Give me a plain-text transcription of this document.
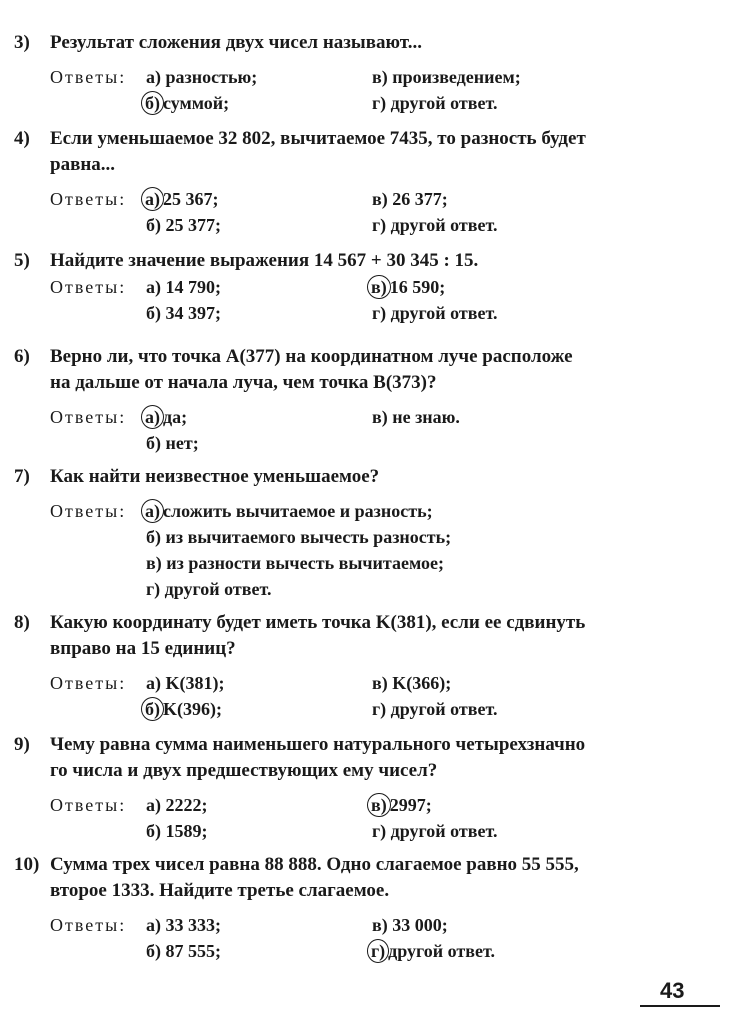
3) Результат сложения двух чисел называют...
Ответы: а) разностью;	в) произведением;
б) суммой;	г) другой ответ.
4) Если уменьшаемое 32 802, вычитаемое 7435, то разность будет
равна...
Ответы: а) 25 367;	в) 26 377;
б) 25 377;	г) другой ответ.
5) Найдите значение выражения 14 567 + 30 345 : 15.
Ответы: а) 14 790;	в) 16 590;
б) 34 397;	г) другой ответ.
6) Верно ли, что точка A(377) на координатном луче расположе
на дальше от начала луча, чем точка B(373)?
Ответы: а) да;	в) не знаю.
б) нет;
7) Как найти неизвестное уменьшаемое?
Ответы: а) сложить вычитаемое и разность;
б) из вычитаемого вычесть разность;
в) из разности вычесть вычитаемое;
г) другой ответ.
8) Какую координату будет иметь точка K(381), если ее сдвинуть
вправо на 15 единиц?
Ответы: а) K(381);	в) K(366);
б) K(396);	г) другой ответ.
9) Чему равна сумма наименьшего натурального четырехзначно
го числа и двух предшествующих ему чисел?
Ответы: а) 2222;	в) 2997;
б) 1589;	г) другой ответ.
10) Сумма трех чисел равна 88 888. Одно слагаемое равно 55 555,
второе 1333. Найдите третье слагаемое.
Ответы: а) 33 333;	в) 33 000;
б) 87 555;	г) другой ответ.
43
